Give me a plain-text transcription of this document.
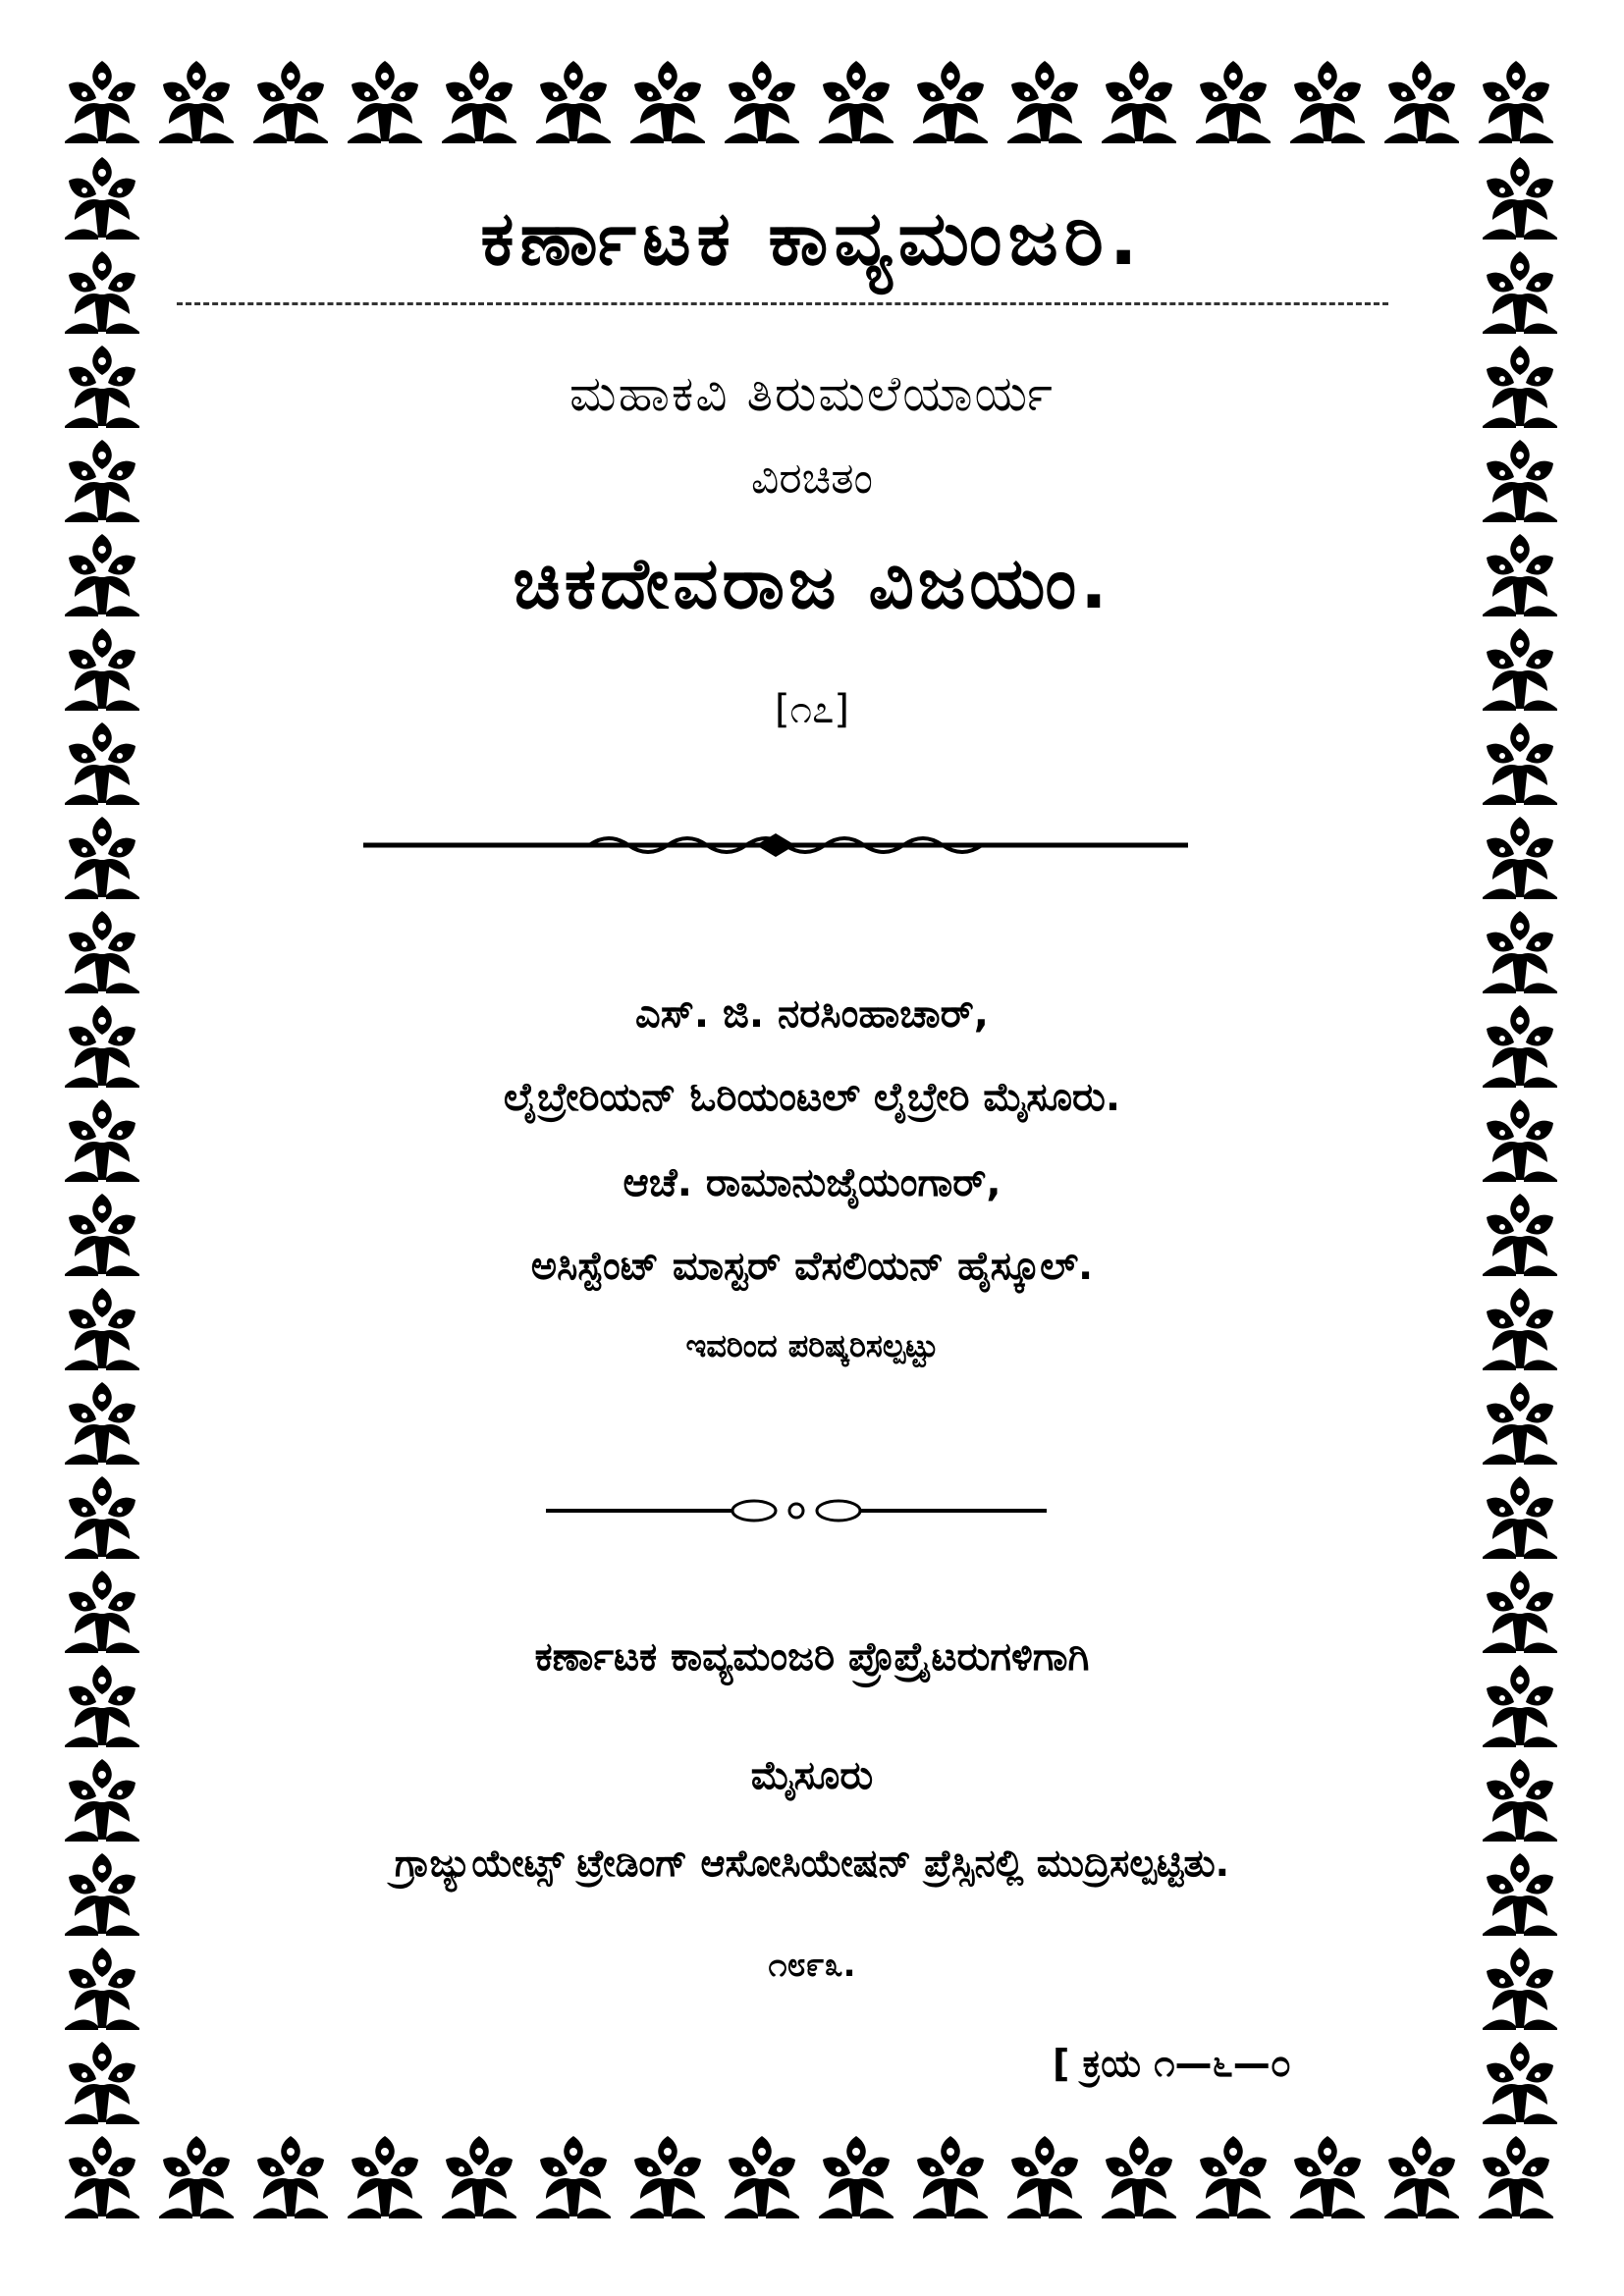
ಕರ್ಣಾಟಕ ಕಾವ್ಯಮಂಜರಿ.
ಮಹಾಕವಿ ತಿರುಮಲೆಯಾರ್ಯ
ವಿರಚಿತಂ
ಚಿಕದೇವರಾಜ ವಿಜಯಂ.
[೧೭]
ಎಸ್. ಜಿ. ನರಸಿಂಹಾಚಾರ್,
ಲೈಬ್ರೇರಿಯನ್ ಓರಿಯಂಟಲ್ ಲೈಬ್ರೇರಿ ಮೈಸೂರು.
ಆಚೆ. ರಾಮಾನುಜೈಯಂಗಾರ್,
ಅಸಿಸ್ಟೆಂಟ್ ಮಾಸ್ಟರ್ ವೆಸಲಿಯನ್ ಹೈಸ್ಕೂಲ್.
ಇವರಿಂದ ಪರಿಷ್ಕರಿಸಲ್ಪಟ್ಟು
ಕರ್ಣಾಟಕ ಕಾವ್ಯಮಂಜರಿ ಪ್ರೊಪ್ರೈಟರುಗಳಿಗಾಗಿ
ಮೈಸೂರು
ಗ್ರಾಜ್ಯುಯೇಟ್ಸ್ ಟ್ರೇಡಿಂಗ್ ಆಸೋಸಿಯೇಷನ್ ಪ್ರೆಸ್ಸಿನಲ್ಲಿ ಮುದ್ರಿಸಲ್ಪಟ್ಟಿತು.
೧೮೯೩.
[ ಕ್ರಯ ೧—೬—೦
